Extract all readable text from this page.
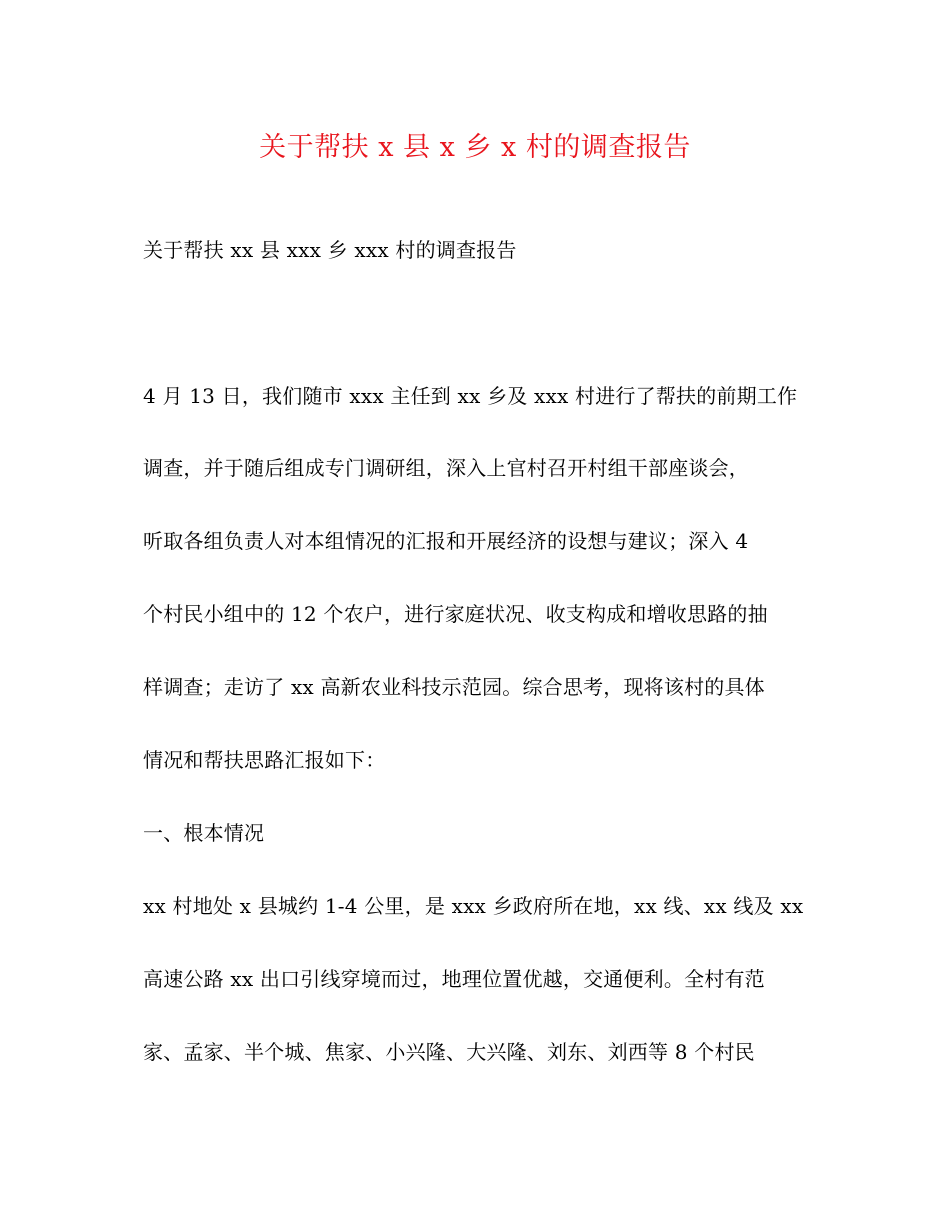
关于帮扶 x 县 x 乡 x 村的调查报告
关于帮扶 xx 县 xxx 乡 xxx 村的调查报告
4 月 13 日，我们随市 xxx 主任到 xx 乡及 xxx 村进行了帮扶的前期工作
调查，并于随后组成专门调研组，深入上官村召开村组干部座谈会，
听取各组负责人对本组情况的汇报和开展经济的设想与建议；深入 4
个村民小组中的 12 个农户，进行家庭状况、收支构成和增收思路的抽
样调查；走访了 xx 高新农业科技示范园。综合思考，现将该村的具体
情况和帮扶思路汇报如下：
一、根本情况
xx 村地处 x 县城约 1-4 公里，是 xxx 乡政府所在地，xx 线、xx 线及 xx
高速公路 xx 出口引线穿境而过，地理位置优越，交通便利。全村有范
家、孟家、半个城、焦家、小兴隆、大兴隆、刘东、刘西等 8 个村民
